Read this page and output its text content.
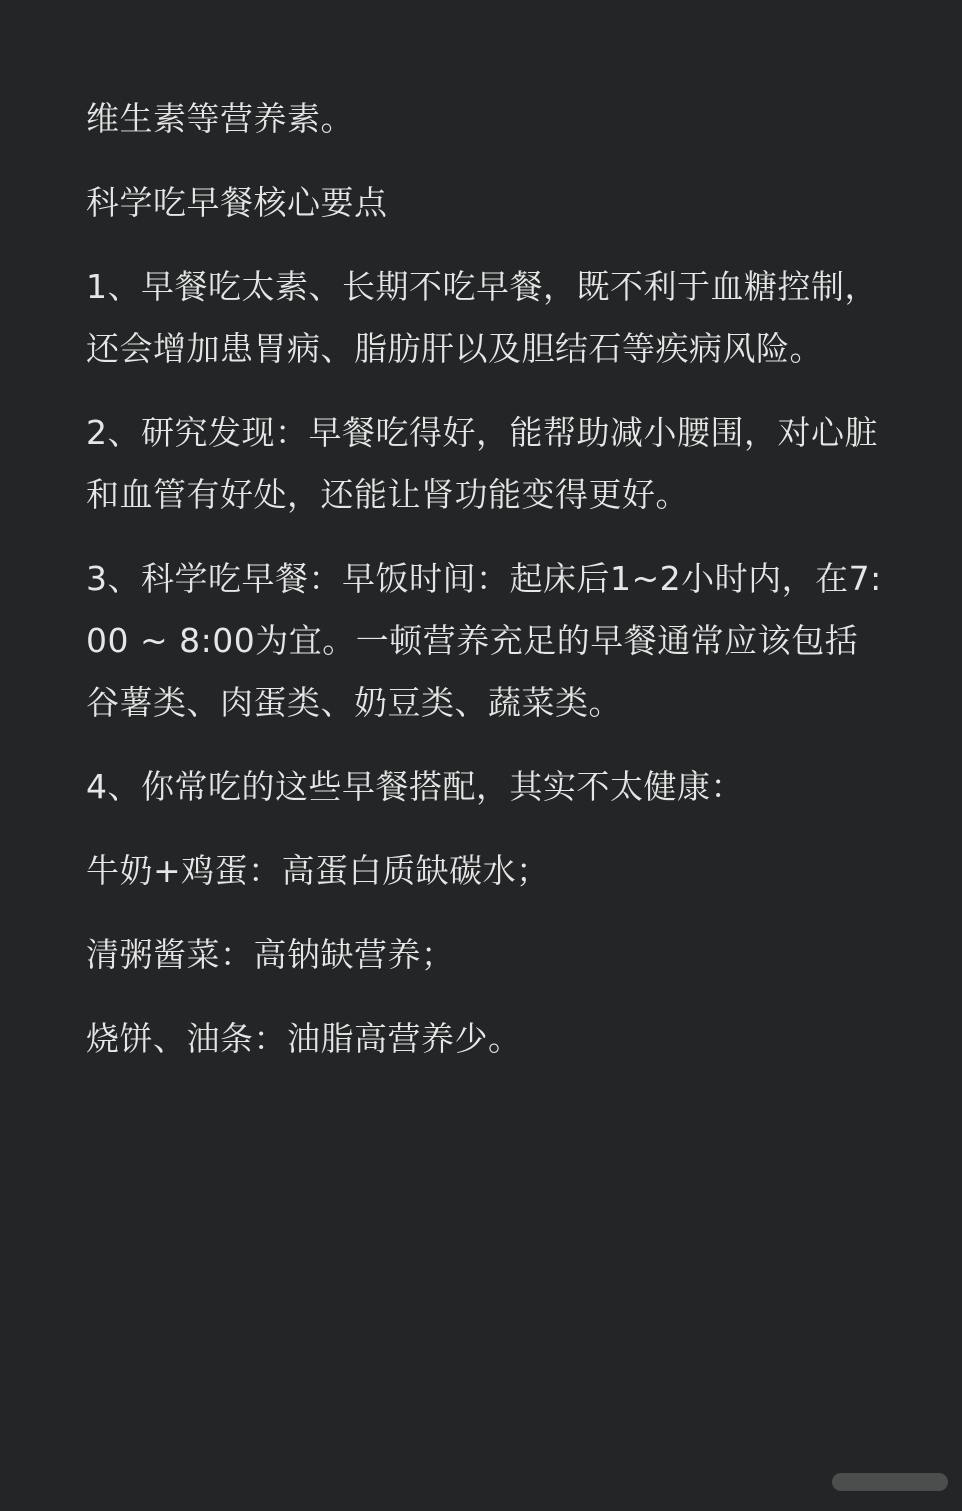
维生素等营养素。

科学吃早餐核心要点

1、早餐吃太素、长期不吃早餐，既不利于血糖控制，还会增加患胃病、脂肪肝以及胆结石等疾病风险。

2、研究发现：早餐吃得好，能帮助减小腰围，对心脏和血管有好处，还能让肾功能变得更好。

3、科学吃早餐：早饭时间：起床后1~2小时内，在7:00 ~ 8:00为宜。一顿营养充足的早餐通常应该包括谷薯类、肉蛋类、奶豆类、蔬菜类。

4、你常吃的这些早餐搭配，其实不太健康：

牛奶+鸡蛋：高蛋白质缺碳水；

清粥酱菜：高钠缺营养；

烧饼、油条：油脂高营养少。
